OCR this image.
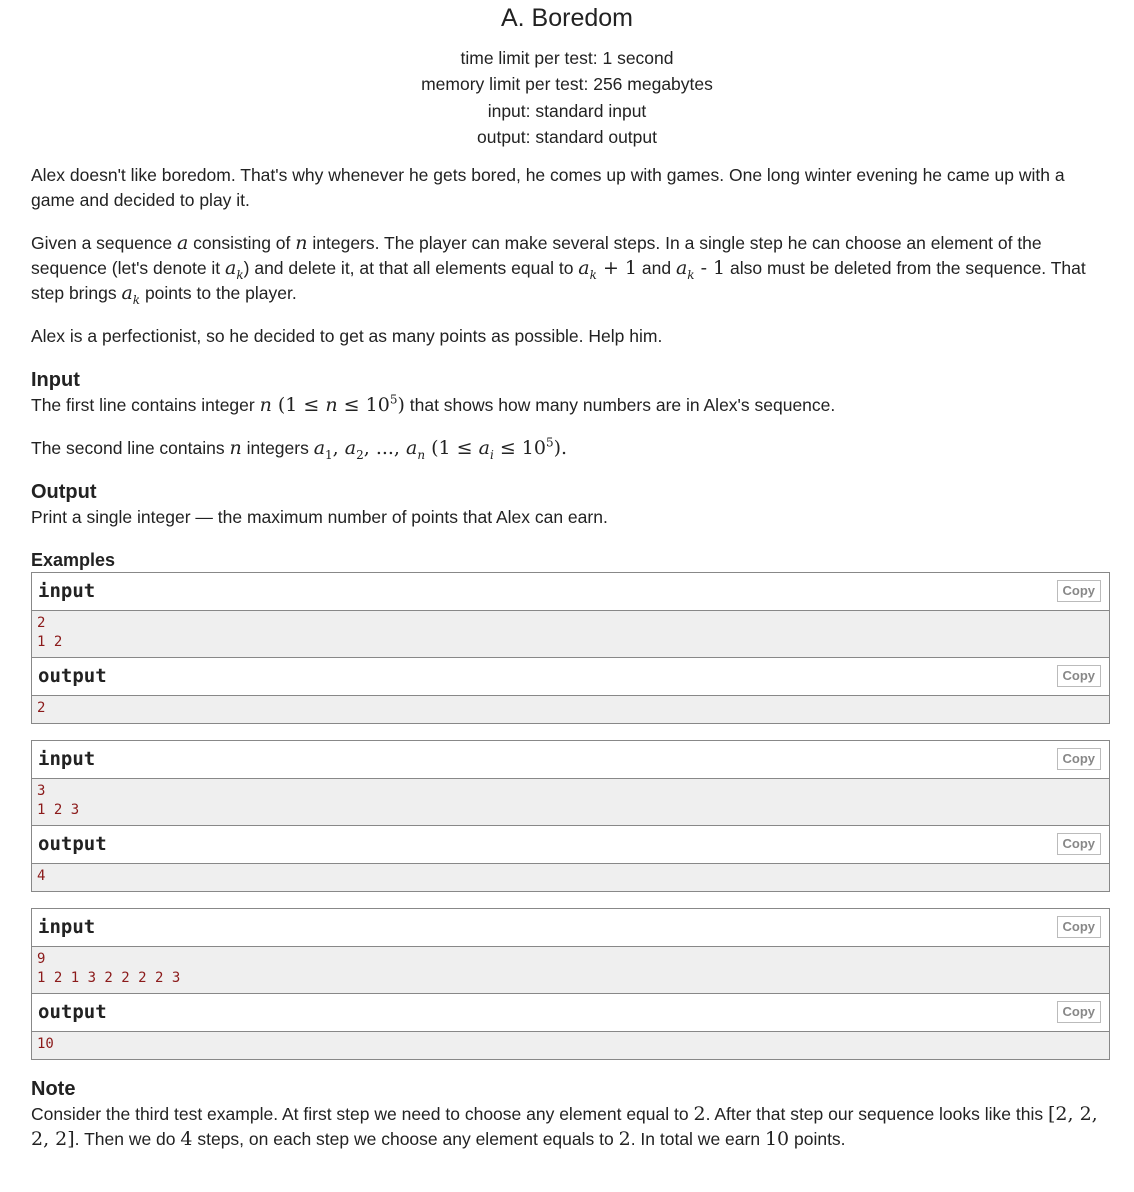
A. Boredom
time limit per test: 1 second
memory limit per test: 256 megabytes
input: standard input
output: standard output

Alex doesn't like boredom. That's why whenever he gets bored, he comes up with games. One long winter evening he came up with a game and decided to play it.

Given a sequence a consisting of n integers. The player can make several steps. In a single step he can choose an element of the sequence (let's denote it $a_k$) and delete it, at that all elements equal to $a_k + 1$ and $a_k - 1$ also must be deleted from the sequence. That step brings $a_k$ points to the player.

Alex is a perfectionist, so he decided to get as many points as possible. Help him.

Input

The first line contains integer n $(1 \le n \le 10^5)$ that shows how many numbers are in Alex's sequence.

The second line contains n integers $a_1$, $a_2$, ..., $a_n$ $(1 \le a_i \le 10^5)$.

Output

Print a single integer — the maximum number of points that Alex can earn.

Examples
input	Copy
2
1 2
output	Copy
2
input	Copy
3
1 2 3
output	Copy
4
input	Copy
9
1 2 1 3 2 2 2 2 3
output	Copy
10
Note

Consider the third test example. At first step we need to choose any element equal to 2. After that step our sequence looks like this [2, 2, 2, 2]. Then we do 4 steps, on each step we choose any element equals to 2. In total we earn 10 points.
